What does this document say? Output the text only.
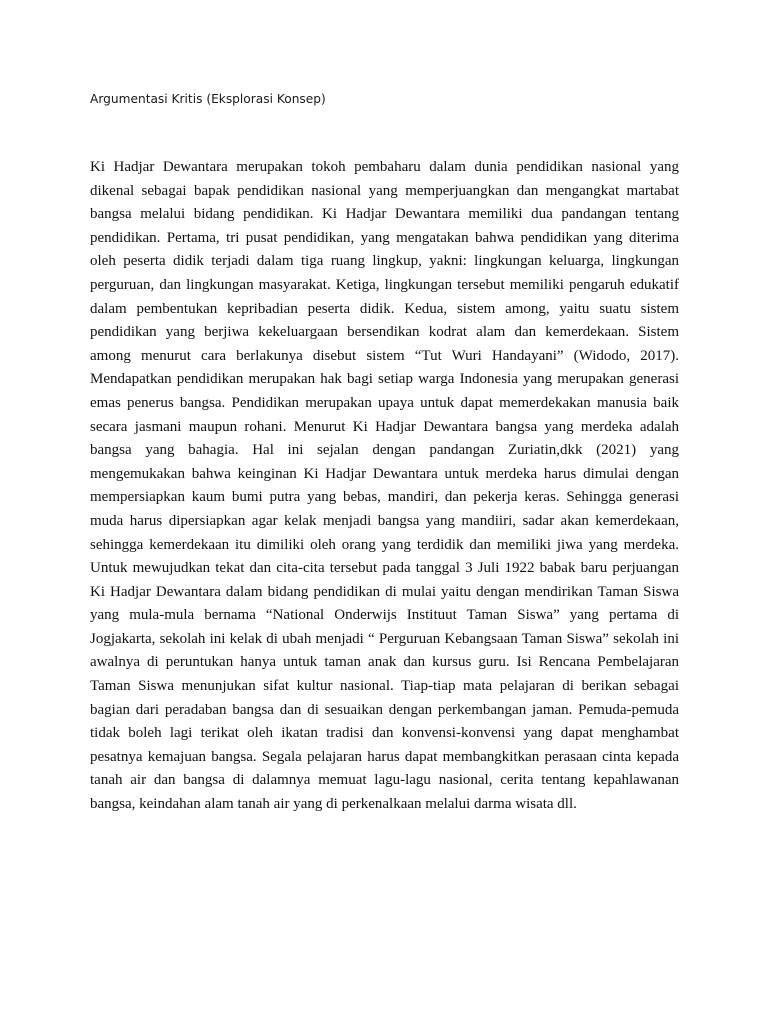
Argumentasi Kritis (Eksplorasi Konsep)
Ki Hadjar Dewantara merupakan tokoh pembaharu dalam dunia pendidikan nasional yang
dikenal sebagai bapak pendidikan nasional yang memperjuangkan dan mengangkat martabat
bangsa melalui bidang pendidikan. Ki Hadjar Dewantara memiliki dua pandangan tentang
pendidikan. Pertama, tri pusat pendidikan, yang mengatakan bahwa pendidikan yang diterima
oleh peserta didik terjadi dalam tiga ruang lingkup, yakni: lingkungan keluarga, lingkungan
perguruan, dan lingkungan masyarakat. Ketiga, lingkungan tersebut memiliki pengaruh edukatif
dalam pembentukan kepribadian peserta didik. Kedua, sistem among, yaitu suatu sistem
pendidikan yang berjiwa kekeluargaan bersendikan kodrat alam dan kemerdekaan. Sistem
among menurut cara berlakunya disebut sistem “Tut Wuri Handayani” (Widodo, 2017).
Mendapatkan pendidikan merupakan hak bagi setiap warga Indonesia yang merupakan generasi
emas penerus bangsa. Pendidikan merupakan upaya untuk dapat memerdekakan manusia baik
secara jasmani maupun rohani. Menurut Ki Hadjar Dewantara bangsa yang merdeka adalah
bangsa yang bahagia. Hal ini sejalan dengan pandangan Zuriatin,dkk (2021) yang
mengemukakan bahwa keinginan Ki Hadjar Dewantara untuk merdeka harus dimulai dengan
mempersiapkan kaum bumi putra yang bebas, mandiri, dan pekerja keras. Sehingga generasi
muda harus dipersiapkan agar kelak menjadi bangsa yang mandiiri, sadar akan kemerdekaan,
sehingga kemerdekaan itu dimiliki oleh orang yang terdidik dan memiliki jiwa yang merdeka.
Untuk mewujudkan tekat dan cita-cita tersebut pada tanggal 3 Juli 1922 babak baru perjuangan
Ki Hadjar Dewantara dalam bidang pendidikan di mulai yaitu dengan mendirikan Taman Siswa
yang mula-mula bernama “National Onderwijs Instituut Taman Siswa” yang pertama di
Jogjakarta, sekolah ini kelak di ubah menjadi “ Perguruan Kebangsaan Taman Siswa” sekolah ini
awalnya di peruntukan hanya untuk taman anak dan kursus guru. Isi Rencana Pembelajaran
Taman Siswa menunjukan sifat kultur nasional. Tiap-tiap mata pelajaran di berikan sebagai
bagian dari peradaban bangsa dan di sesuaikan dengan perkembangan jaman. Pemuda-pemuda
tidak boleh lagi terikat oleh ikatan tradisi dan konvensi-konvensi yang dapat menghambat
pesatnya kemajuan bangsa. Segala pelajaran harus dapat membangkitkan perasaan cinta kepada
tanah air dan bangsa di dalamnya memuat lagu-lagu nasional, cerita tentang kepahlawanan
bangsa, keindahan alam tanah air yang di perkenalkaan melalui darma wisata dll.
